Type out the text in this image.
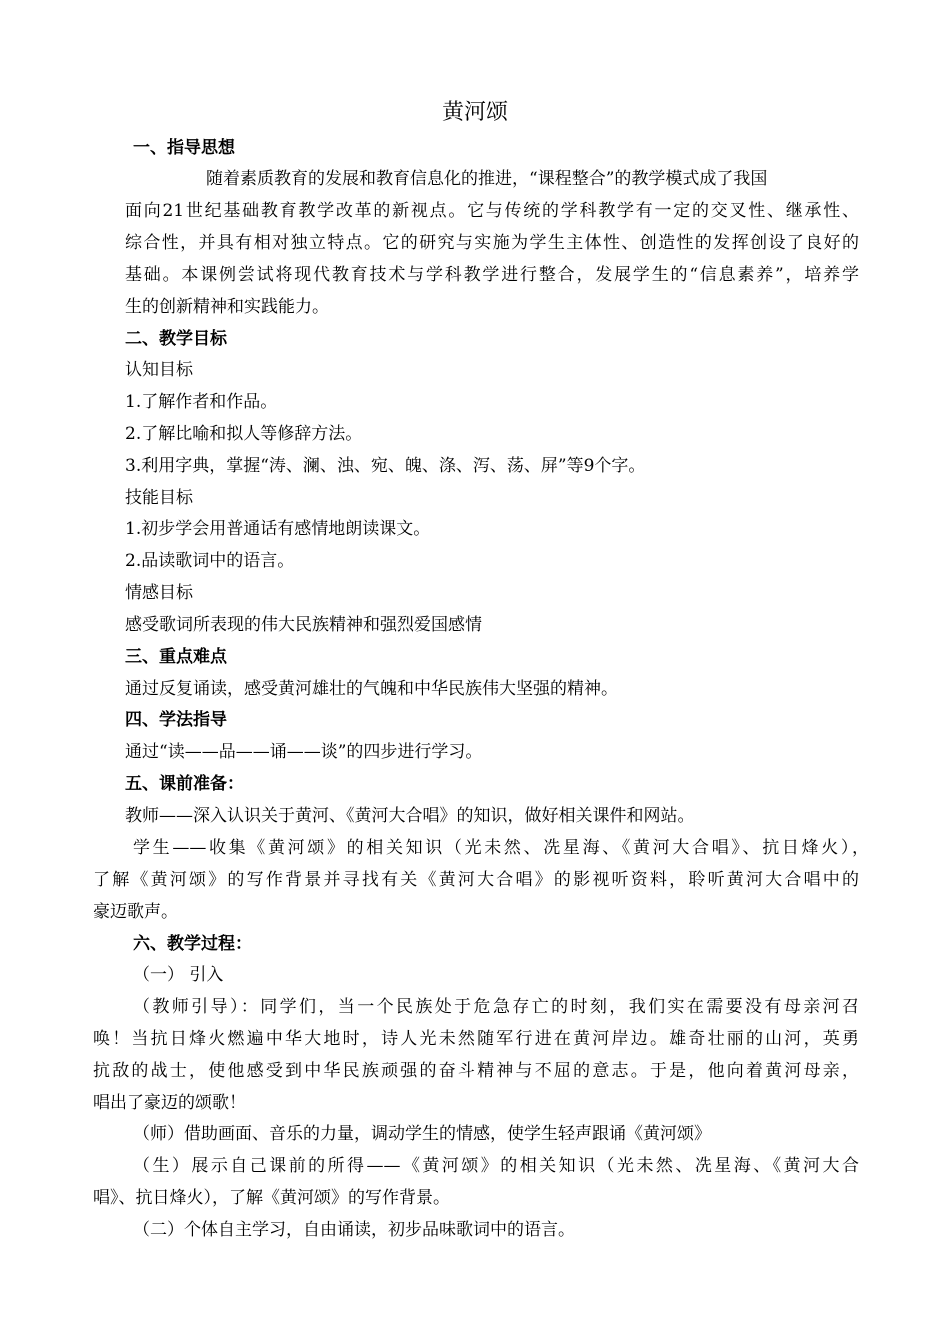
黄河颂
一、指导思想
随着素质教育的发展和教育信息化的推进，“课程整合”的教学模式成了我国
面向21世纪基础教育教学改革的新视点。它与传统的学科教学有一定的交叉性、继承性、
综合性，并具有相对独立特点。它的研究与实施为学生主体性、创造性的发挥创设了良好的
基础。本课例尝试将现代教育技术与学科教学进行整合，发展学生的“信息素养”，培养学
生的创新精神和实践能力。
二、教学目标
认知目标
1.了解作者和作品。
2.了解比喻和拟人等修辞方法。
3.利用字典，掌握“涛、澜、浊、宛、魄、涤、泻、荡、屏”等9个字。
技能目标
1.初步学会用普通话有感情地朗读课文。
2.品读歌词中的语言。
情感目标
感受歌词所表现的伟大民族精神和强烈爱国感情
三、重点难点
通过反复诵读，感受黄河雄壮的气魄和中华民族伟大坚强的精神。
四、学法指导
通过“读——品——诵——谈”的四步进行学习。
五、课前准备：
教师——深入认识关于黄河、《黄河大合唱》的知识，做好相关课件和网站。
学生——收集《黄河颂》的相关知识（光未然、冼星海、《黄河大合唱》、抗日烽火），
了解《黄河颂》的写作背景并寻找有关《黄河大合唱》的影视听资料，聆听黄河大合唱中的
豪迈歌声。
六、教学过程：
（一） 引入
（教师引导）：同学们，当一个民族处于危急存亡的时刻，我们实在需要没有母亲河召
唤！当抗日烽火燃遍中华大地时，诗人光未然随军行进在黄河岸边。雄奇壮丽的山河，英勇
抗敌的战士，使他感受到中华民族顽强的奋斗精神与不屈的意志。于是，他向着黄河母亲，
唱出了豪迈的颂歌！
（师）借助画面、音乐的力量，调动学生的情感，使学生轻声跟诵《黄河颂》
（生）展示自己课前的所得——《黄河颂》的相关知识（光未然、冼星海、《黄河大合
唱》、抗日烽火），了解《黄河颂》的写作背景。
（二）个体自主学习，自由诵读，初步品味歌词中的语言。
